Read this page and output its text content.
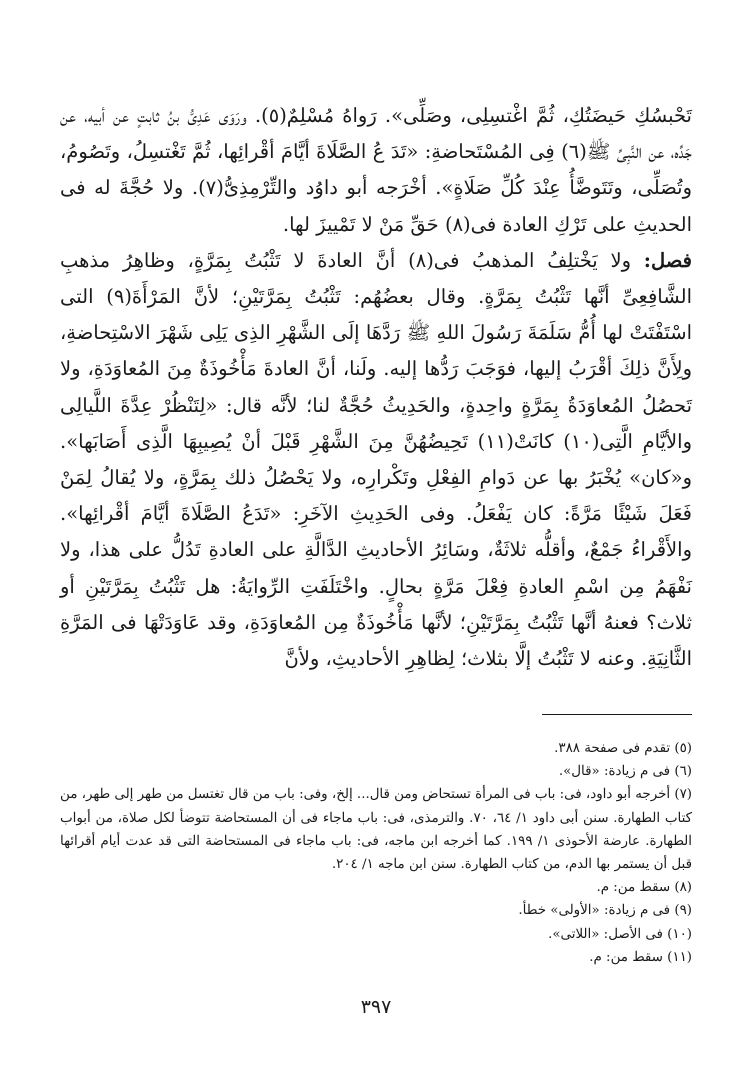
تَحْبسُكِ حَيضَتُكِ، ثُمَّ اغْتسِلِى، وصَلِّى». رَواهُ مُسْلِمٌ(٥). ورَوَى عَدِىُّ بنُ ثابتٍ عن أبيه، عن جَدِّه، عن النَّبِىِّ ﷺ(٦) فِى المُسْتَحاضةِ: «تَدَ عُ الصَّلَاةَ أيَّامَ أقْرائِها، ثُمَّ تَغْتسِلُ، وتَصُومُ، وتُصَلِّى، وتَتَوضَّأُ عِنْدَ كُلِّ صَلَاةٍ». أخْرَجه أبو داوُد والتِّرْمِذِىُّ(٧). ولا حُجَّةَ له فى الحديثِ على تَرْكِ العادة فى(٨) حَقِّ مَنْ لا تَمْييزَ لها.

فصل: ولا يَخْتلِفُ المذهبُ فى(٨) أنَّ العادةَ لا تَثْبُتُ بِمَرَّةٍ، وظاهِرُ مذهبِ الشَّافِعِىِّ أنَّها تَثْبُتُ بِمَرَّةٍ. وقال بعضُهُم: تَثْبُتُ بِمَرَّتَيْنِ؛ لأنَّ المَرْأَةَ(٩) التى اسْتَفْتَتْ لها أُمُّ سَلَمَةَ رَسُولَ اللهِ ﷺ رَدَّهَا إلَى الشَّهْرِ الذِى يَلِى شَهْرَ الاسْتِحاضةِ، ولِأَنَّ ذلِكَ أقْرَبُ إليها، فوَجَبَ رَدُّها إليه. ولَنا، أنَّ العادةَ مَأْخُوذَةٌ مِنَ المُعاوَدَةِ، ولا تَحصُلُ المُعاوَدَةُ بِمَرَّةٍ واحِدةٍ، والحَدِيثُ حُجَّةٌ لنا؛ لأنَّه قال: «لِتَنْظُرْ عِدَّةَ اللَّيالِى والأيَّامِ الَّتِى(١٠) كانَتْ(١١) تَحِيضُهُنَّ مِنَ الشَّهْرِ قَبْلَ أنْ يُصِيبِهَا الَّذِى أَصَابَها». و«كان» يُخْبَرُ بها عن دَوامِ الفِعْلِ وتَكْرارِه، ولا يَحْصُلُ ذلك بِمَرَّةٍ، ولا يُقالُ لِمَنْ فَعَلَ شَيْئًا مَرَّةً: كان يَفْعَلُ. وفى الحَدِيثِ الآخَرِ: «تَدَعُ الصَّلَاةَ أيَّامَ أقْرائِها». والأَقْراءُ جَمْعٌ، وأقلُّه ثلاثَةٌ، وسَائِرُ الأحاديثِ الدَّالَّةِ على العادةِ تَدُلُّ على هذا، ولا نَفْهَمُ مِن اسْمِ العادةِ فِعْلَ مَرَّةٍ بحالٍ. واخْتَلَفَتِ الرِّوايَةُ: هل تَثْبُتُ بِمَرَّتَيْنِ أو ثلاث؟ فعنهُ أنَّها تَثْبُتُ بِمَرَّتَيْنِ؛ لأنَّها مَأْخُوذَةٌ مِن المُعاوَدَةِ، وقد عَاوَدَتْهَا فى المَرَّةِ الثَّانِيَةِ. وعنه لا تَثْبُتُ إلَّا بثلاث؛ لِظاهِرِ الأحاديثِ، ولأنَّ

(٥) تقدم فى صفحة ٣٨٨.

(٦) فى م زيادة: «قال».

(٧) أخرجه أبو داود، فى: باب فى المرأة تستحاض ومن قال... إلخ، وفى: باب من قال تغتسل من طهر إلى طهر، من كتاب الطهارة. سنن أبى داود ١/ ٦٤، ٧٠. والترمذى، فى: باب ماجاء فى أن المستحاضة تتوضأ لكل صلاة، من أبواب الطهارة. عارضة الأحوذى ١/ ١٩٩. كما أخرجه ابن ماجه، فى: باب ماجاء فى المستحاضة التى قد عدت أيام أقرائها قبل أن يستمر بها الدم، من كتاب الطهارة. سنن ابن ماجه ١/ ٢٠٤.

(٨) سقط من: م.

(٩) فى م زيادة: «الأولى» خطأ.

(١٠) فى الأصل: «اللاتى».

(١١) سقط من: م.

٣٩٧
